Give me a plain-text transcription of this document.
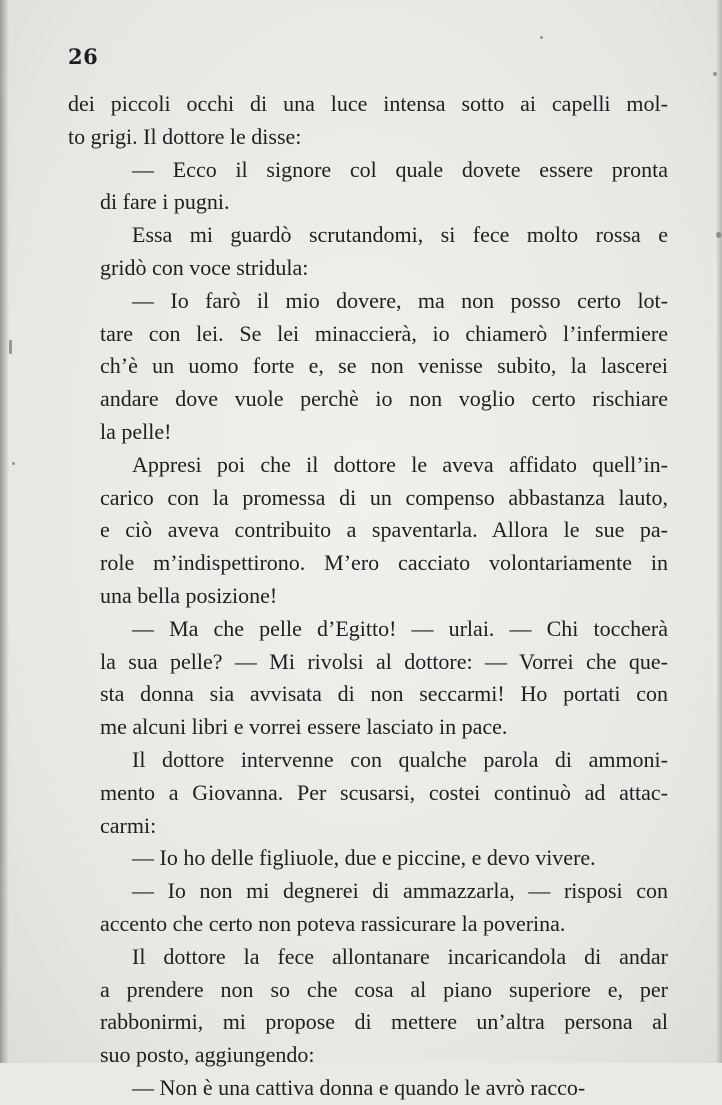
26

dei piccoli occhi di una luce intensa sotto ai capelli mol-
to grigi. Il dottore le disse:

— Ecco il signore col quale dovete essere pronta
di fare i pugni.

Essa mi guardò scrutandomi, si fece molto rossa e
gridò con voce stridula:

— Io farò il mio dovere, ma non posso certo lot-
tare con lei. Se lei minaccierà, io chiamerò l’infermiere
ch’è un uomo forte e, se non venisse subito, la lascerei
andare dove vuole perchè io non voglio certo rischiare
la pelle!

Appresi poi che il dottore le aveva affidato quell’in-
carico con la promessa di un compenso abbastanza lauto,
e ciò aveva contribuito a spaventarla. Allora le sue pa-
role m’indispettirono. M’ero cacciato volontariamente in
una bella posizione!

— Ma che pelle d’Egitto! — urlai. — Chi toccherà
la sua pelle? — Mi rivolsi al dottore: — Vorrei che que-
sta donna sia avvisata di non seccarmi! Ho portati con
me alcuni libri e vorrei essere lasciato in pace.

Il dottore intervenne con qualche parola di ammoni-
mento a Giovanna. Per scusarsi, costei continuò ad attac-
carmi:

— Io ho delle figliuole, due e piccine, e devo vivere.

— Io non mi degnerei di ammazzarla, — risposi con
accento che certo non poteva rassicurare la poverina.

Il dottore la fece allontanare incaricandola di andar
a prendere non so che cosa al piano superiore e, per
rabbonirmi, mi propose di mettere un’altra persona al
suo posto, aggiungendo:

— Non è una cattiva donna e quando le avrò racco-
